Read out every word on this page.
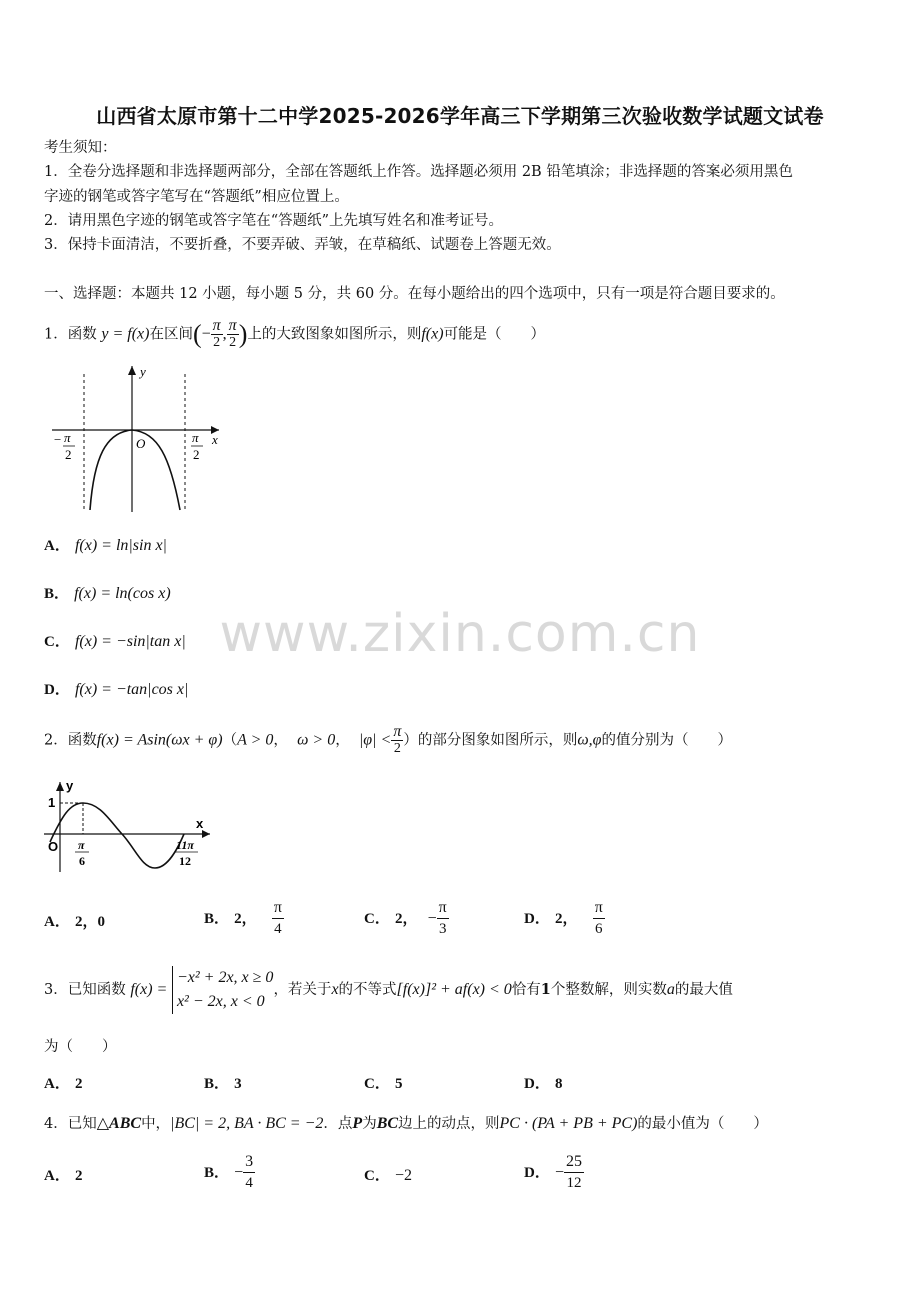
山西省太原市第十二中学2025-2026学年高三下学期第三次验收数学试题文试卷
考生须知：
1．全卷分选择题和非选择题两部分，全部在答题纸上作答。选择题必须用 2B 铅笔填涂；非选择题的答案必须用黑色
字迹的钢笔或答字笔写在“答题纸”相应位置上。
2．请用黑色字迹的钢笔或答字笔在“答题纸”上先填写姓名和准考证号。
3．保持卡面清洁，不要折叠，不要弄破、弄皱，在草稿纸、试题卷上答题无效。
一、选择题：本题共 12 小题，每小题 5 分，共 60 分。在每小题给出的四个选项中，只有一项是符合题目要求的。
1．函数 y = f(x)在区间(− $\frac{\pi}{2}$ , $\frac{\pi}{2}$ )上的大致图象如图所示，则f(x)可能是（　　）
y
x
O
− π
2
π
2
A． f(x) = ln|sin x|
B． f(x) = ln(cos x)
C． f(x) = −sin|tan x|
D． f(x) = −tan|cos x|
www.zixin.com.cn
2．函数f(x) = Asin(ωx + φ)（A > 0， ω > 0， $|\varphi| < \frac{\pi}{2}$ ）的部分图象如图所示，则ω,φ的值分别为（　　）
y
x
1
O π
6
11π
12
A． 2，0	B． 2， $\frac{\pi}{4}$	C． 2， − $\frac{\pi}{3}$	D． 2， $\frac{\pi}{6}$
3．已知函数 f(x) =
−x² + 2x, x ≥ 0
x² − 2x, x < 0
，若关于x的不等式[f(x)]² + af(x) < 0恰有1个整数解，则实数a的最大值
为（　　）
A． 2	B． 3	C． 5	D． 8
4．已知△ABC中，|BC| = 2, BA · BC = −2．点P为BC边上的动点，则PC · (PA + PB + PC)的最小值为（　　）
A． 2	B． − $\frac{3}{4}$	C． −2	D． − $\frac{25}{12}$
